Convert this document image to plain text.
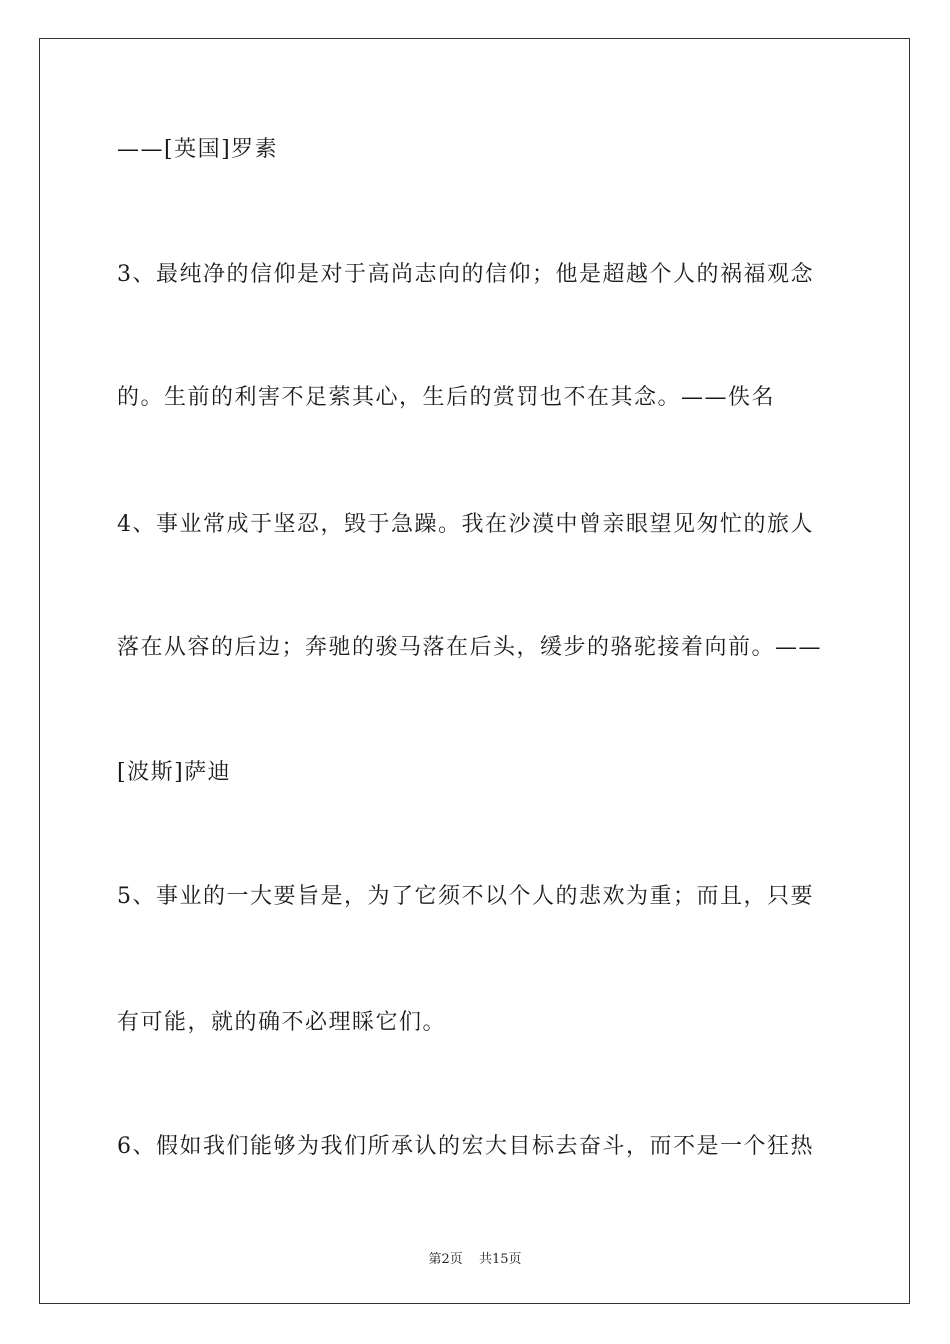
——[英国]罗素
3、最纯净的信仰是对于高尚志向的信仰；他是超越个人的祸福观念
的。生前的利害不足萦其心，生后的赏罚也不在其念。——佚名
4、事业常成于坚忍，毁于急躁。我在沙漠中曾亲眼望见匆忙的旅人
落在从容的后边；奔驰的骏马落在后头，缓步的骆驼接着向前。——
[波斯]萨迪
5、事业的一大要旨是，为了它须不以个人的悲欢为重；而且，只要
有可能，就的确不必理睬它们。
6、假如我们能够为我们所承认的宏大目标去奋斗，而不是一个狂热
第2页 共15页
